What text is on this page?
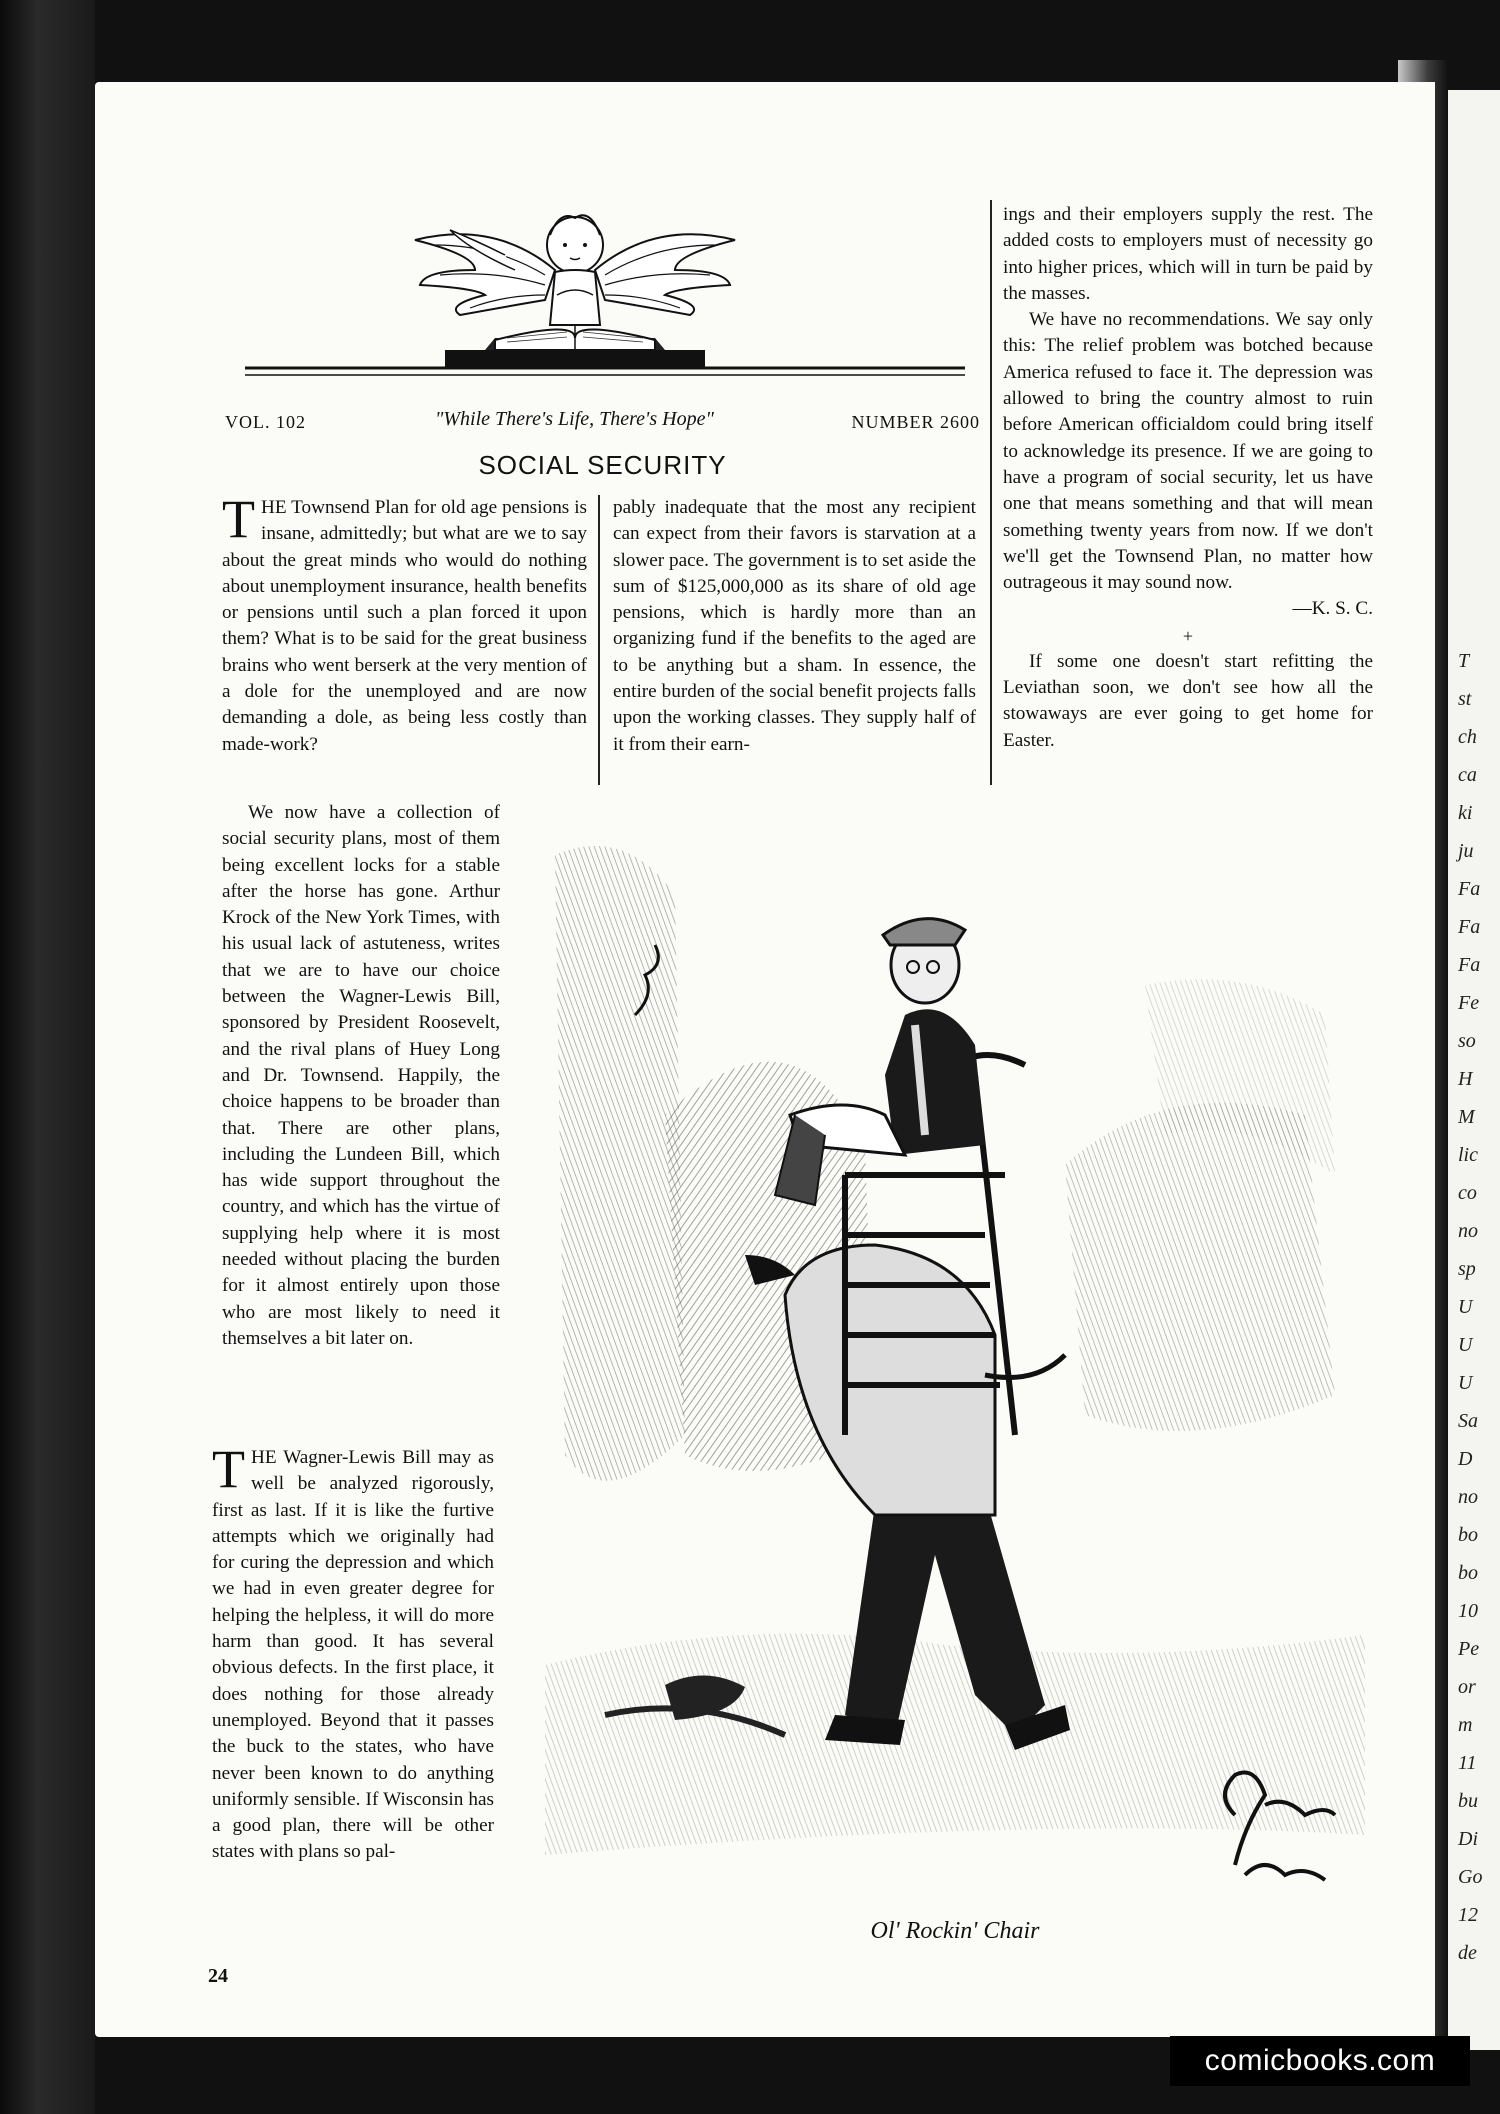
T
st
ch
ca
ki
ju
Fa
Fa
Fa
Fe
so
H
M
lic
co
no
sp
U
U
U
Sa
D
no
bo
bo
10
Pe
or
m
11
bu
Di
Go
12
de
VOL. 102	"While There's Life, There's Hope"	NUMBER 2600
SOCIAL SECURITY

THE Townsend Plan for old age pensions is insane, admittedly; but what are we to say about the great minds who would do nothing about unemployment insurance, health benefits or pensions until such a plan forced it upon them? What is to be said for the great business brains who went berserk at the very mention of a dole for the unemployed and are now demanding a dole, as being less costly than made-work?

We now have a collection of social security plans, most of them being excellent locks for a stable after the horse has gone. Arthur Krock of the New York Times, with his usual lack of astuteness, writes that we are to have our choice between the Wagner-Lewis Bill, sponsored by President Roosevelt, and the rival plans of Huey Long and Dr. Townsend. Happily, the choice happens to be broader than that. There are other plans, including the Lundeen Bill, which has wide support throughout the country, and which has the virtue of supplying help where it is most needed without placing the burden for it almost entirely upon those who are most likely to need it themselves a bit later on.

THE Wagner-Lewis Bill may as well be analyzed rigorously, first as last. If it is like the furtive attempts which we originally had for curing the depression and which we had in even greater degree for helping the helpless, it will do more harm than good. It has several obvious defects. In the first place, it does nothing for those already unemployed. Beyond that it passes the buck to the states, who have never been known to do anything uniformly sensible. If Wisconsin has a good plan, there will be other states with plans so pal-

pably inadequate that the most any recipient can expect from their favors is starvation at a slower pace. The government is to set aside the sum of $125,000,000 as its share of old age pensions, which is hardly more than an organizing fund if the benefits to the aged are to be anything but a sham. In essence, the entire burden of the social benefit projects falls upon the working classes. They supply half of it from their earn-

ings and their employers supply the rest. The added costs to employers must of necessity go into higher prices, which will in turn be paid by the masses.

We have no recommendations. We say only this: The relief problem was botched because America refused to face it. The depression was allowed to bring the country almost to ruin before American officialdom could bring itself to acknowledge its presence. If we are going to have a program of social security, let us have one that means something and that will mean something twenty years from now. If we don't we'll get the Townsend Plan, no matter how outrageous it may sound now.

—K. S. C.
+

If some one doesn't start refitting the Leviathan soon, we don't see how all the stowaways are ever going to get home for Easter.

Ol' Rockin' Chair
24
comicbooks.com
